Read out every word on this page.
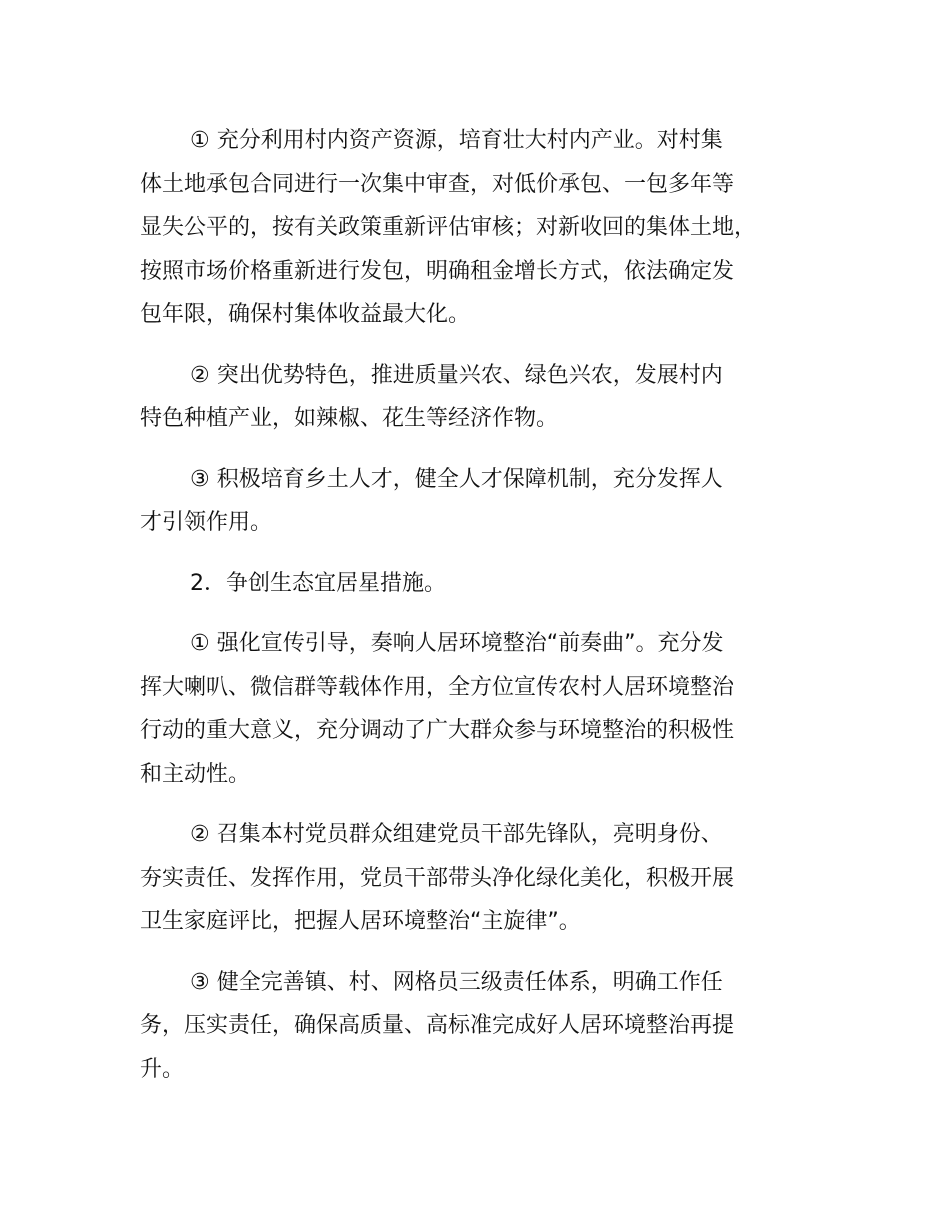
① 充分利用村内资产资源，培育壮大村内产业。对村集
体土地承包合同进行一次集中审查，对低价承包、一包多年等
显失公平的，按有关政策重新评估审核；对新收回的集体土地，
按照市场价格重新进行发包，明确租金增长方式，依法确定发
包年限，确保村集体收益最大化。

② 突出优势特色，推进质量兴农、绿色兴农，发展村内
特色种植产业，如辣椒、花生等经济作物。

③ 积极培育乡土人才，健全人才保障机制，充分发挥人
才引领作用。

2．争创生态宜居星措施。

① 强化宣传引导，奏响人居环境整治“前奏曲”。充分发
挥大喇叭、微信群等载体作用，全方位宣传农村人居环境整治
行动的重大意义，充分调动了广大群众参与环境整治的积极性
和主动性。

② 召集本村党员群众组建党员干部先锋队，亮明身份、
夯实责任、发挥作用，党员干部带头净化绿化美化，积极开展
卫生家庭评比，把握人居环境整治“主旋律”。

③ 健全完善镇、村、网格员三级责任体系，明确工作任
务，压实责任，确保高质量、高标准完成好人居环境整治再提
升。
